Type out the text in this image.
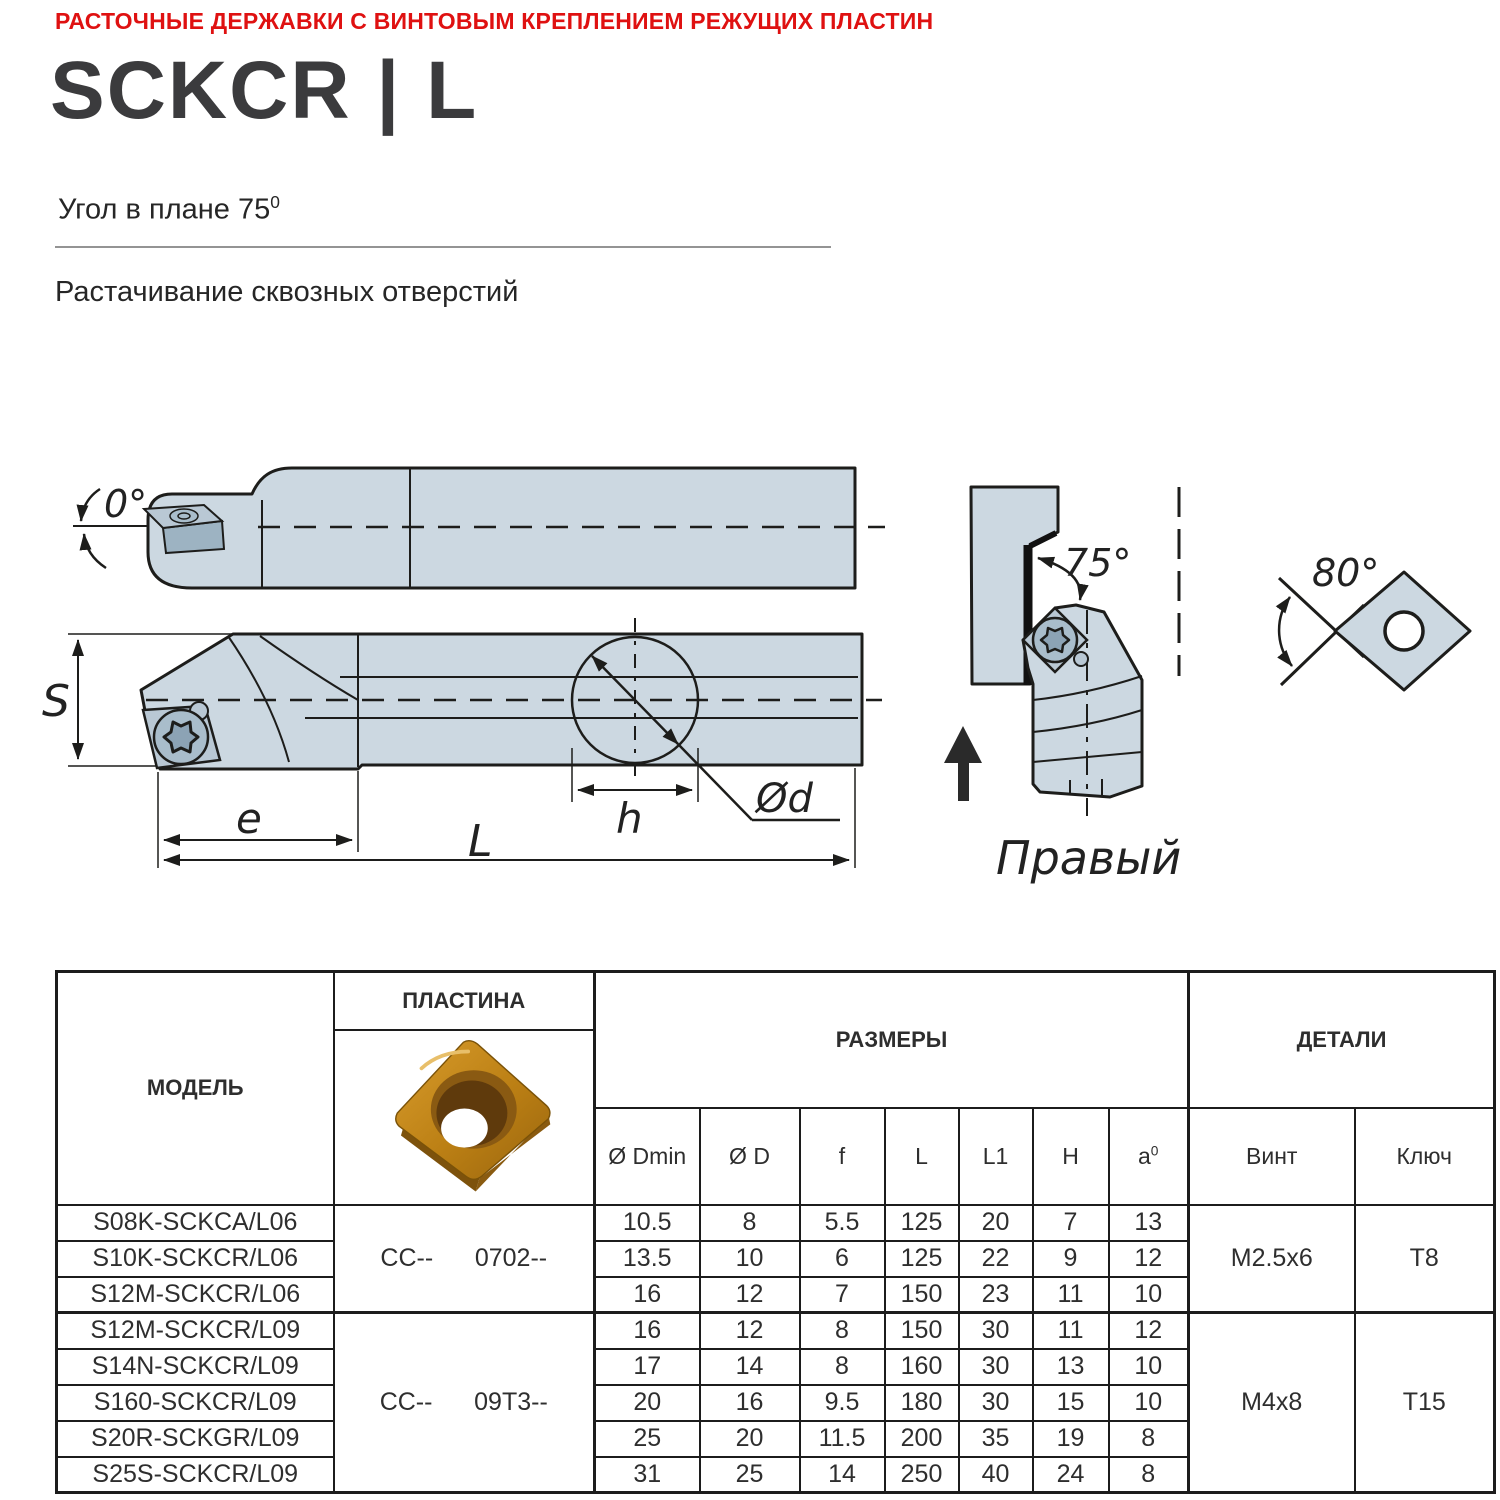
РАСТОЧНЫЕ ДЕРЖАВКИ С ВИНТОВЫМ КРЕПЛЕНИЕМ РЕЖУЩИХ ПЛАСТИН
SCKCR | L
Угол в плане $75^0$
Растачивание сквозных отверстий
0°
S
e	L	h	Ød
75°
Правый
80°
МОДЕЛЬ	ПЛАСТИНА	РАЗМЕРЫ							ДЕТАЛИ	

		Ø Dmin	Ø D	f	L	L1	H	$a^0$	Винт	Ключ
S08K-SCKCA/L06	CC--      0702--	10.5	8	5.5	125	20	7	13	M2.5x6	T8
S10K-SCKCR/L06		13.5	10	6	125	22	9	12		
S12M-SCKCR/L06		16	12	7	150	23	11	10		
S12M-SCKCR/L09	CC--      09T3--	16	12	8	150	30	11	12	M4x8	T15
S14N-SCKCR/L09		17	14	8	160	30	13	10		
S160-SCKCR/L09		20	16	9.5	180	30	15	10		
S20R-SCKGR/L09		25	20	11.5	200	35	19	8		
S25S-SCKCR/L09		31	25	14	250	40	24	8		
